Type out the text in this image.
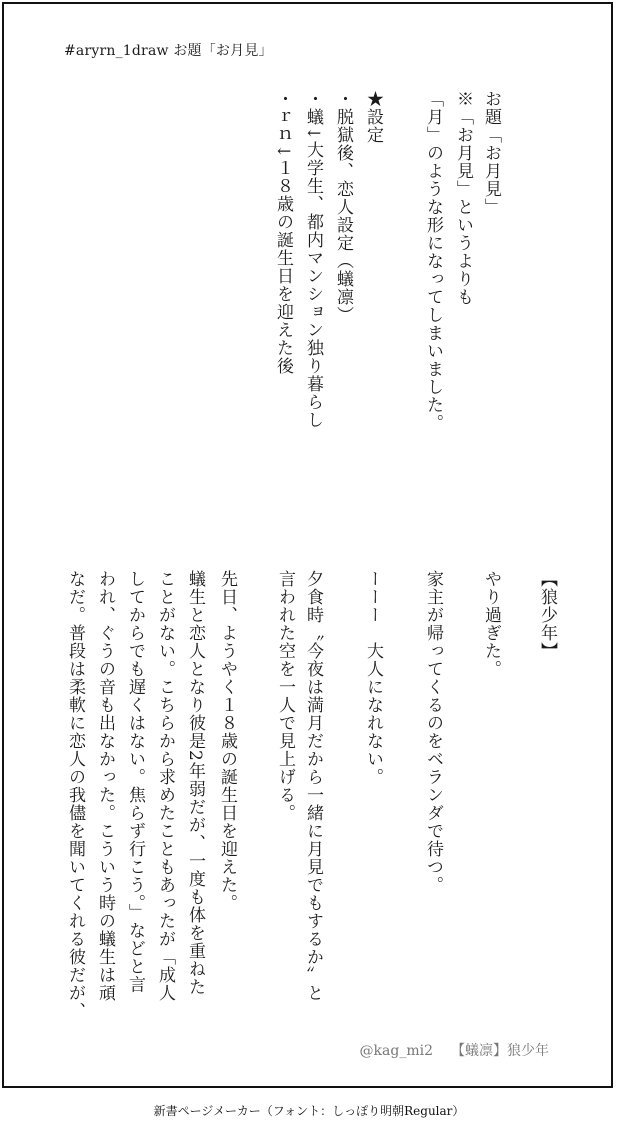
#aryrn_1draw お題「お月見」
お題「お月見」
※「お月見」というよりも
「月」のような形になってしまいました。
★設定
・脱獄後、恋人設定（蟻凛）
・蟻↓大学生、都内マンション独り暮らし
・ｒｎ↓１８歳の誕生日を迎えた後
【狼少年】
やり過ぎた。
家主が帰ってくるのをベランダで待つ。
ーーー　大人になれない。
夕食時〝今夜は満月だから一緒に月見でもするか〟と
言われた空を一人で見上げる。
先日、ようやく１８歳の誕生日を迎えた。
蟻生と恋人となり彼是2年弱だが、一度も体を重ねた
ことがない。こちらから求めたこともあったが「成人
してからでも遅くはない。焦らず行こう。」などと言
われ、ぐうの音も出なかった。こういう時の蟻生は頑
なだ。普段は柔軟に恋人の我儘を聞いてくれる彼だが、
@kag_mi2 【蟻凛】狼少年
新書ページメーカー（フォント：しっぽり明朝Regular）
